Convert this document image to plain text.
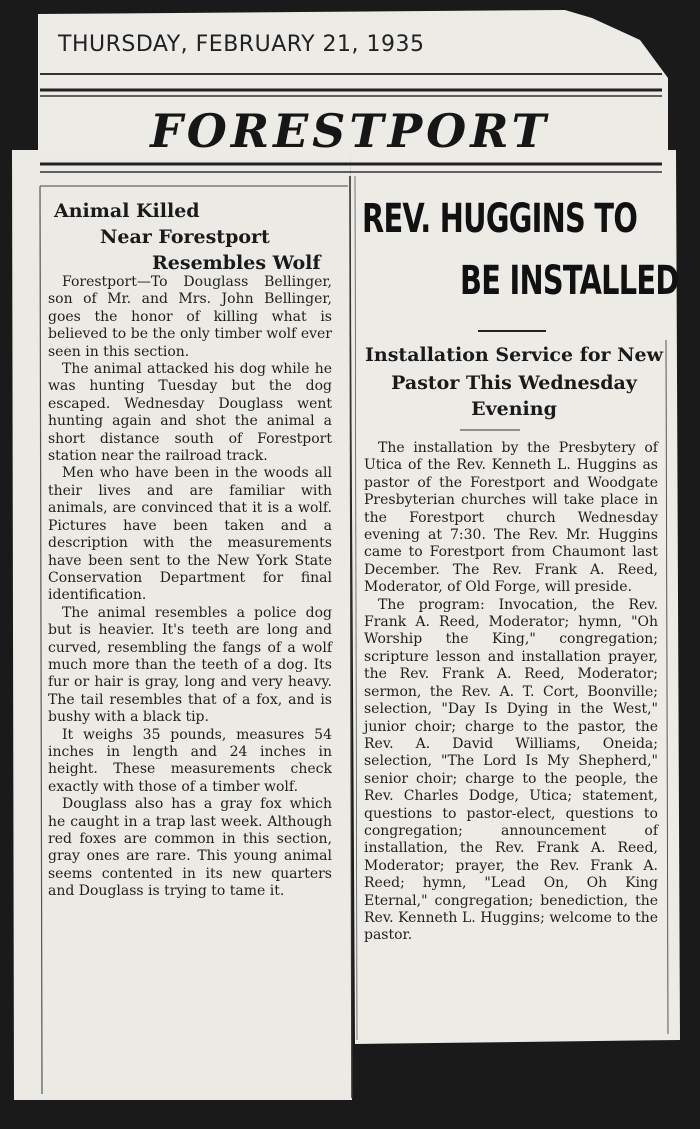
THURSDAY, FEBRUARY 21, 1935
FORESTPORT
Animal Killed
Near Forestport
Resembles Wolf

Forestport—To Douglass Bellinger, son of Mr. and Mrs. John Bellinger, goes the honor of killing what is believed to be the only timber wolf ever seen in this section.

The animal attacked his dog while he was hunting Tuesday but the dog escaped. Wednesday Douglass went hunting again and shot the animal a short distance south of Forestport station near the railroad track.

Men who have been in the woods all their lives and are familiar with animals, are convinced that it is a wolf. Pictures have been taken and a description with the measurements have been sent to the New York State Conservation Department for final identification.

The animal resembles a police dog but is heavier. It's teeth are long and curved, resembling the fangs of a wolf much more than the teeth of a dog. Its fur or hair is gray, long and very heavy. The tail resembles that of a fox, and is bushy with a black tip.

It weighs 35 pounds, measures 54 inches in length and 24 inches in height. These measurements check exactly with those of a timber wolf.

Douglass also has a gray fox which he caught in a trap last week. Although red foxes are common in this section, gray ones are rare. This young animal seems contented in its new quarters and Douglass is trying to tame it.

REV. HUGGINS TO
BE INSTALLED
Installation Service for New
Pastor This Wednesday
Evening

The installation by the Presbytery of Utica of the Rev. Kenneth L. Huggins as pastor of the Forestport and Woodgate Presbyterian churches will take place in the Forestport church Wednesday evening at 7:30. The Rev. Mr. Huggins came to Forestport from Chaumont last December. The Rev. Frank A. Reed, Moderator, of Old Forge, will preside.

The program: Invocation, the Rev. Frank A. Reed, Moderator; hymn, "Oh Worship the King," congregation; scripture lesson and installation prayer, the Rev. Frank A. Reed, Moderator; sermon, the Rev. A. T. Cort, Boonville; selection, "Day Is Dying in the West," junior choir; charge to the pastor, the Rev. A. David Williams, Oneida; selection, "The Lord Is My Shepherd," senior choir; charge to the people, the Rev. Charles Dodge, Utica; statement, questions to pastor-elect, questions to congregation; announcement of installation, the Rev. Frank A. Reed, Moderator; prayer, the Rev. Frank A. Reed; hymn, "Lead On, Oh King Eternal," congregation; benediction, the Rev. Kenneth L. Huggins; welcome to the pastor.
